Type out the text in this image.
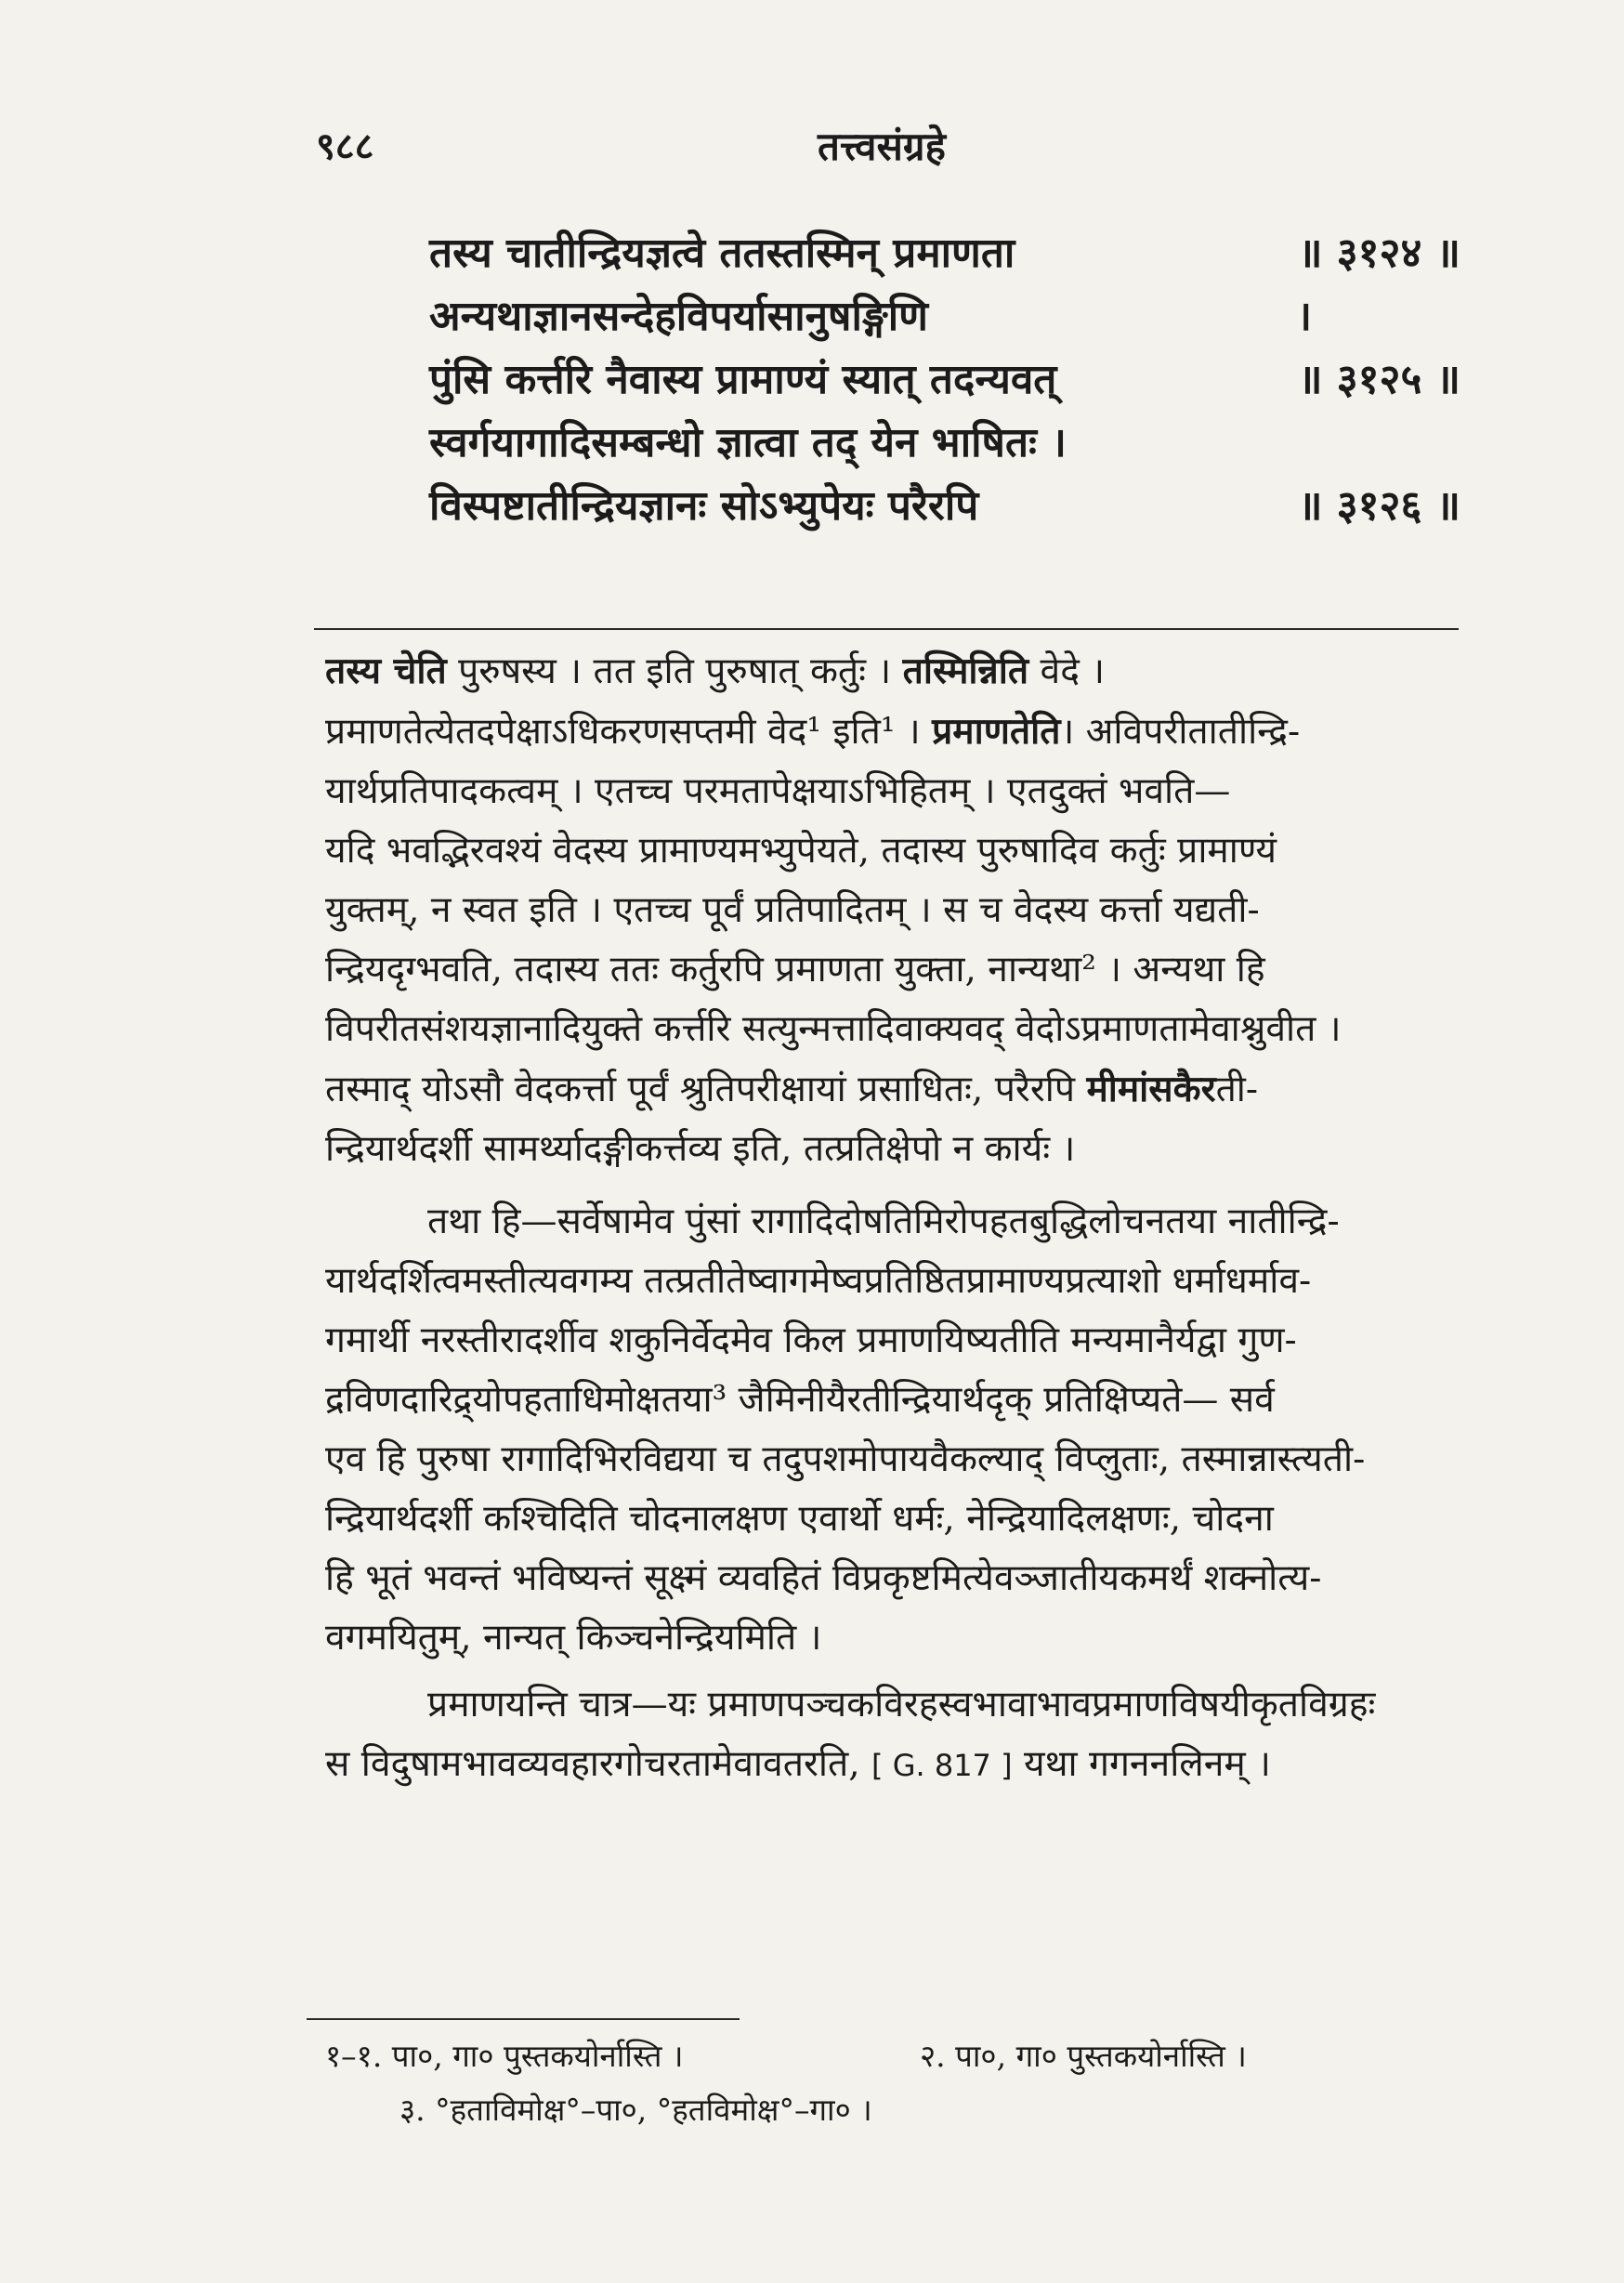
९८८	तत्त्वसंग्रहे
तस्य चातीन्द्रियज्ञत्वे ततस्तस्मिन् प्रमाणता	॥ ३१२४ ॥
अन्यथाज्ञानसन्देहविपर्यासानुषङ्गिणि	।
पुंसि कर्त्तरि नैवास्य प्रामाण्यं स्यात् तदन्यवत्	॥ ३१२५ ॥
स्वर्गयागादिसम्बन्धो ज्ञात्वा तद् येन भाषितः ।
विस्पष्टातीन्द्रियज्ञानः सोऽभ्युपेयः परैरपि	॥ ३१२६ ॥
तस्य चेति पुरुषस्य । तत इति पुरुषात् कर्तुः । तस्मिन्निति वेदे ।
प्रमाणतेत्येतदपेक्षाऽधिकरणसप्तमी वेद¹ इति¹ । प्रमाणतेति। अविपरीतातीन्द्रि-
यार्थप्रतिपादकत्वम् । एतच्च परमतापेक्षयाऽभिहितम् । एतदुक्तं भवति—
यदि भवद्भिरवश्यं वेदस्य प्रामाण्यमभ्युपेयते, तदास्य पुरुषादिव कर्तुः प्रामाण्यं
युक्तम्, न स्वत इति । एतच्च पूर्वं प्रतिपादितम् । स च वेदस्य कर्त्ता यद्यती-
न्द्रियदृग्भवति, तदास्य ततः कर्तुरपि प्रमाणता युक्ता, नान्यथा² । अन्यथा हि
विपरीतसंशयज्ञानादियुक्ते कर्त्तरि सत्युन्मत्तादिवाक्यवद् वेदोऽप्रमाणतामेवाश्नुवीत ।
तस्माद् योऽसौ वेदकर्त्ता पूर्वं श्रुतिपरीक्षायां प्रसाधितः, परैरपि मीमांसकैरती-
न्द्रियार्थदर्शी सामर्थ्यादङ्गीकर्त्तव्य इति, तत्प्रतिक्षेपो न कार्यः ।
तथा हि—सर्वेषामेव पुंसां रागादिदोषतिमिरोपहतबुद्धिलोचनतया नातीन्द्रि-
यार्थदर्शित्वमस्तीत्यवगम्य तत्प्रतीतेष्वागमेष्वप्रतिष्ठितप्रामाण्यप्रत्याशो धर्माधर्माव-
गमार्थी नरस्तीरादर्शीव शकुनिर्वेदमेव किल प्रमाणयिष्यतीति मन्यमानैर्यद्वा गुण-
द्रविणदारिद्र्योपहताधिमोक्षतया³ जैमिनीयैरतीन्द्रियार्थदृक् प्रतिक्षिप्यते— सर्व
एव हि पुरुषा रागादिभिरविद्यया च तदुपशमोपायवैकल्याद् विप्लुताः, तस्मान्नास्त्यती-
न्द्रियार्थदर्शी कश्चिदिति चोदनालक्षण एवार्थो धर्मः, नेन्द्रियादिलक्षणः, चोदना
हि भूतं भवन्तं भविष्यन्तं सूक्ष्मं व्यवहितं विप्रकृष्टमित्येवञ्जातीयकमर्थं शक्नोत्य-
वगमयितुम्, नान्यत् किञ्चनेन्द्रियमिति ।
प्रमाणयन्ति चात्र—यः प्रमाणपञ्चकविरहस्वभावाभावप्रमाणविषयीकृतविग्रहः
स विदुषामभावव्यवहारगोचरतामेवावतरति, [ G. 817 ] यथा गगननलिनम् ।
१–१. पा०, गा० पुस्तकयोर्नास्ति ।	२. पा०, गा० पुस्तकयोर्नास्ति ।
३. °हताविमोक्ष°–पा०, °हतविमोक्ष°–गा० ।
